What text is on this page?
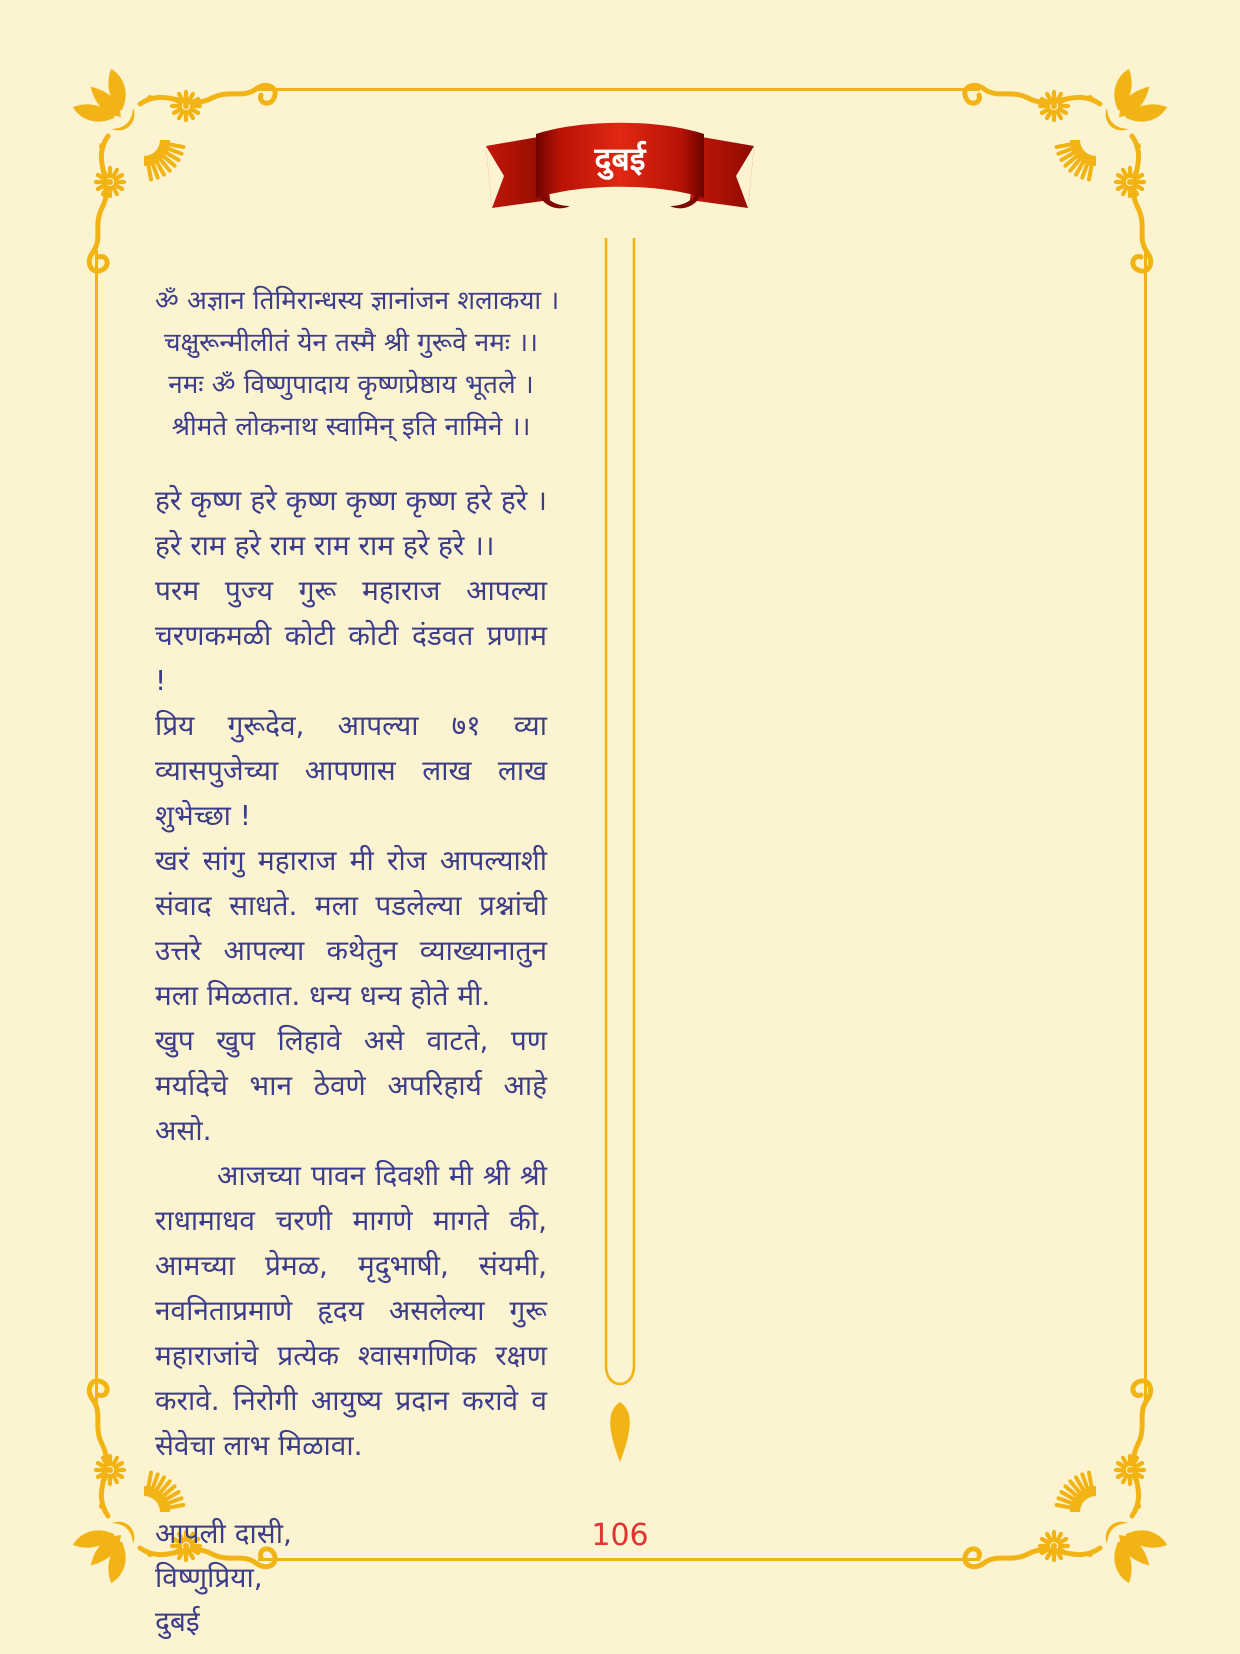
दुबई
ॐ अज्ञान तिमिरान्धस्य ज्ञानांजन शलाकया ।
चक्षुरून्मीलीतं येन तस्मै श्री गुरूवे नमः ।।
नमः ॐ विष्णुपादाय कृष्णप्रेष्ठाय भूतले ।
श्रीमते लोकनाथ स्वामिन् इति नामिने ।।

हरे कृष्ण हरे कृष्ण कृष्ण कृष्ण हरे हरे । हरे राम हरे राम राम राम हरे हरे ।।

परम पुज्य गुरू महाराज आपल्या चरणकमळी कोटी कोटी दंडवत प्रणाम !

प्रिय गुरूदेव, आपल्या ७१ व्या व्यासपुजेच्या आपणास लाख लाख शुभेच्छा !

खरं सांगु महाराज मी रोज आपल्याशी संवाद साधते. मला पडलेल्या प्रश्नांची उत्तरे आपल्या कथेतुन व्याख्यानातुन मला मिळतात. धन्य धन्य होते मी.

खुप खुप लिहावे असे वाटते, पण मर्यादेचे भान ठेवणे अपरिहार्य आहे असो.

आजच्या पावन दिवशी मी श्री श्री राधामाधव चरणी मागणे मागते की, आमच्या प्रेमळ, मृदुभाषी, संयमी, नवनिताप्रमाणे हृदय असलेल्या गुरू महाराजांचे प्रत्येक श्वासगणिक रक्षण करावे. निरोगी आयुष्य प्रदान करावे व सेवेचा लाभ मिळावा.

आपली दासी,
विष्णुप्रिया,
दुबई
106
